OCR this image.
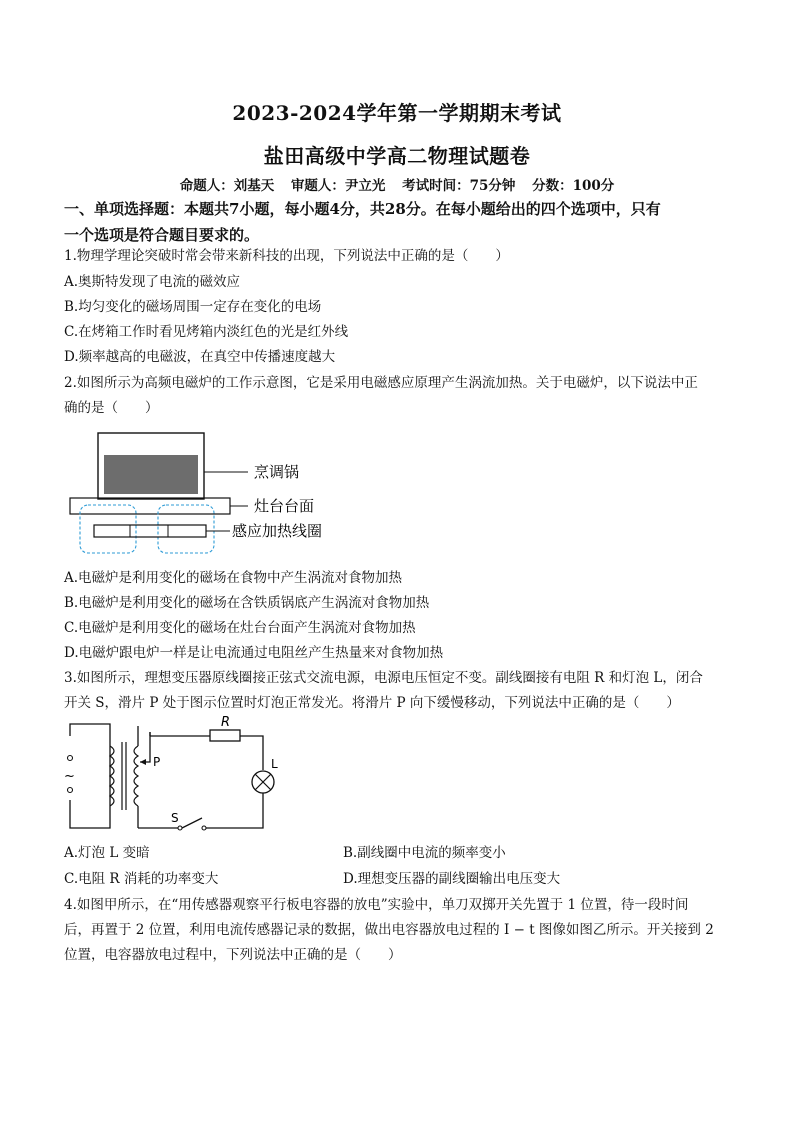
2023-2024学年第一学期期末考试
盐田高级中学高二物理试题卷
命题人：刘基天 审题人：尹立光 考试时间：75分钟 分数：100分
一、单项选择题：本题共7小题，每小题4分，共28分。在每小题给出的四个选项中，只有
一个选项是符合题目要求的。
1.物理学理论突破时常会带来新科技的出现，下列说法中正确的是（　　）
A.奥斯特发现了电流的磁效应
B.均匀变化的磁场周围一定存在变化的电场
C.在烤箱工作时看见烤箱内淡红色的光是红外线
D.频率越高的电磁波，在真空中传播速度越大
2.如图所示为高频电磁炉的工作示意图，它是采用电磁感应原理产生涡流加热。关于电磁炉，以下说法中正
确的是（　　）
烹调锅
灶台台面
感应加热线圈
A.电磁炉是利用变化的磁场在食物中产生涡流对食物加热
B.电磁炉是利用变化的磁场在含铁质锅底产生涡流对食物加热
C.电磁炉是利用变化的磁场在灶台台面产生涡流对食物加热
D.电磁炉跟电炉一样是让电流通过电阻丝产生热量来对食物加热
3.如图所示，理想变压器原线圈接正弦式交流电源，电源电压恒定不变。副线圈接有电阻 R 和灯泡 L，闭合
开关 S，滑片 P 处于图示位置时灯泡正常发光。将滑片 P 向下缓慢移动，下列说法中正确的是（　　）
~
P
R
L
S
A.灯泡 L 变暗	B.副线圈中电流的频率变小
C.电阻 R 消耗的功率变大	D.理想变压器的副线圈输出电压变大
4.如图甲所示，在“用传感器观察平行板电容器的放电”实验中，单刀双掷开关先置于 1 位置，待一段时间
后，再置于 2 位置，利用电流传感器记录的数据，做出电容器放电过程的 I − t 图像如图乙所示。开关接到 2
位置，电容器放电过程中，下列说法中正确的是（　　）
